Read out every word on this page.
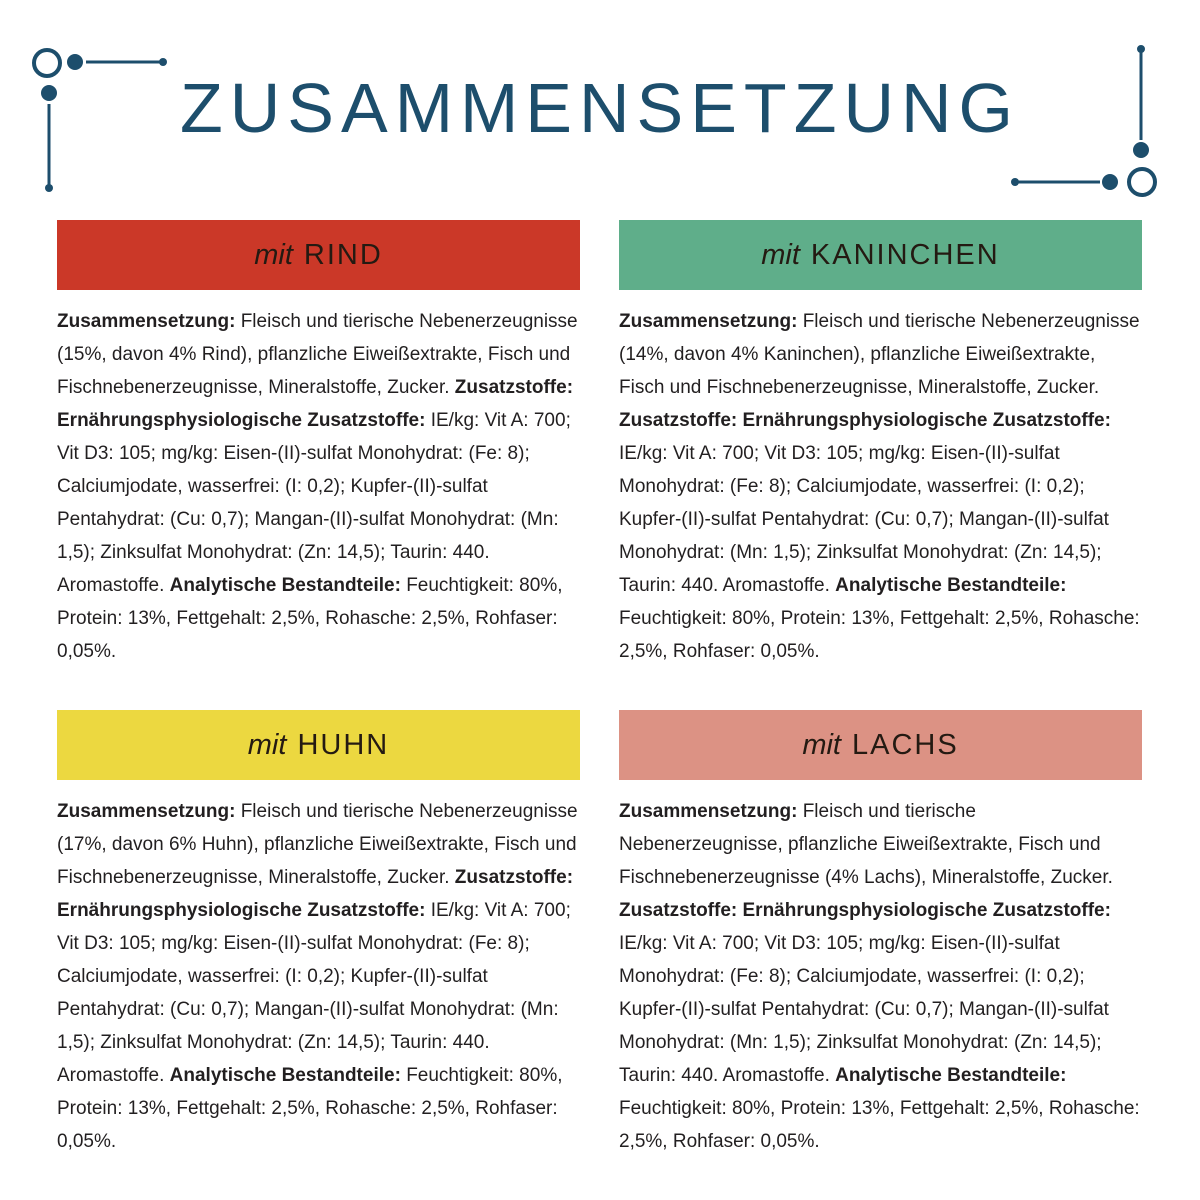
ZUSAMMENSETZUNG
mit RIND
Zusammensetzung: Fleisch und tierische Nebenerzeugnisse (15%, davon 4% Rind), pflanzliche Eiweißextrakte, Fisch und Fischnebenerzeugnisse, Mineralstoffe, Zucker. Zusatzstoffe: Ernährungsphysiologische Zusatzstoffe: IE/kg: Vit A: 700; Vit D3: 105; mg/kg: Eisen-(II)-sulfat Monohydrat: (Fe: 8); Calciumjodate, wasserfrei: (I: 0,2); Kupfer-(II)-sulfat Pentahydrat: (Cu: 0,7); Mangan-(II)-sulfat Monohydrat: (Mn: 1,5); Zinksulfat Monohydrat: (Zn: 14,5); Taurin: 440. Aromastoffe. Analytische Bestandteile: Feuchtigkeit: 80%, Protein: 13%, Fettgehalt: 2,5%, Rohasche: 2,5%, Rohfaser: 0,05%.
mit KANINCHEN
Zusammensetzung: Fleisch und tierische Nebenerzeugnisse (14%, davon 4% Kaninchen), pflanzliche Eiweißextrakte, Fisch und Fischnebenerzeugnisse, Mineralstoffe, Zucker. Zusatzstoffe: Ernährungsphysiologische Zusatzstoffe: IE/kg: Vit A: 700; Vit D3: 105; mg/kg: Eisen-(II)-sulfat Monohydrat: (Fe: 8); Calciumjodate, wasserfrei: (I: 0,2); Kupfer-(II)-sulfat Pentahydrat: (Cu: 0,7); Mangan-(II)-sulfat Monohydrat: (Mn: 1,5); Zinksulfat Monohydrat: (Zn: 14,5); Taurin: 440. Aromastoffe. Analytische Bestandteile: Feuchtigkeit: 80%, Protein: 13%, Fettgehalt: 2,5%, Rohasche: 2,5%, Rohfaser: 0,05%.
mit HUHN
Zusammensetzung: Fleisch und tierische Nebenerzeugnisse (17%, davon 6% Huhn), pflanzliche Eiweißextrakte, Fisch und Fischnebenerzeugnisse, Mineralstoffe, Zucker. Zusatzstoffe: Ernährungsphysiologische Zusatzstoffe: IE/kg: Vit A: 700; Vit D3: 105; mg/kg: Eisen-(II)-sulfat Monohydrat: (Fe: 8); Calciumjodate, wasserfrei: (I: 0,2); Kupfer-(II)-sulfat Pentahydrat: (Cu: 0,7); Mangan-(II)-sulfat Monohydrat: (Mn: 1,5); Zinksulfat Monohydrat: (Zn: 14,5); Taurin: 440. Aromastoffe. Analytische Bestandteile: Feuchtigkeit: 80%, Protein: 13%, Fettgehalt: 2,5%, Rohasche: 2,5%, Rohfaser: 0,05%.
mit LACHS
Zusammensetzung: Fleisch und tierische Nebenerzeugnisse, pflanzliche Eiweißextrakte, Fisch und Fischnebenerzeugnisse (4% Lachs), Mineralstoffe, Zucker. Zusatzstoffe: Ernährungsphysiologische Zusatzstoffe: IE/kg: Vit A: 700; Vit D3: 105; mg/kg: Eisen-(II)-sulfat Monohydrat: (Fe: 8); Calciumjodate, wasserfrei: (I: 0,2); Kupfer-(II)-sulfat Pentahydrat: (Cu: 0,7); Mangan-(II)-sulfat Monohydrat: (Mn: 1,5); Zinksulfat Monohydrat: (Zn: 14,5); Taurin: 440. Aromastoffe. Analytische Bestandteile: Feuchtigkeit: 80%, Protein: 13%, Fettgehalt: 2,5%, Rohasche: 2,5%, Rohfaser: 0,05%.
